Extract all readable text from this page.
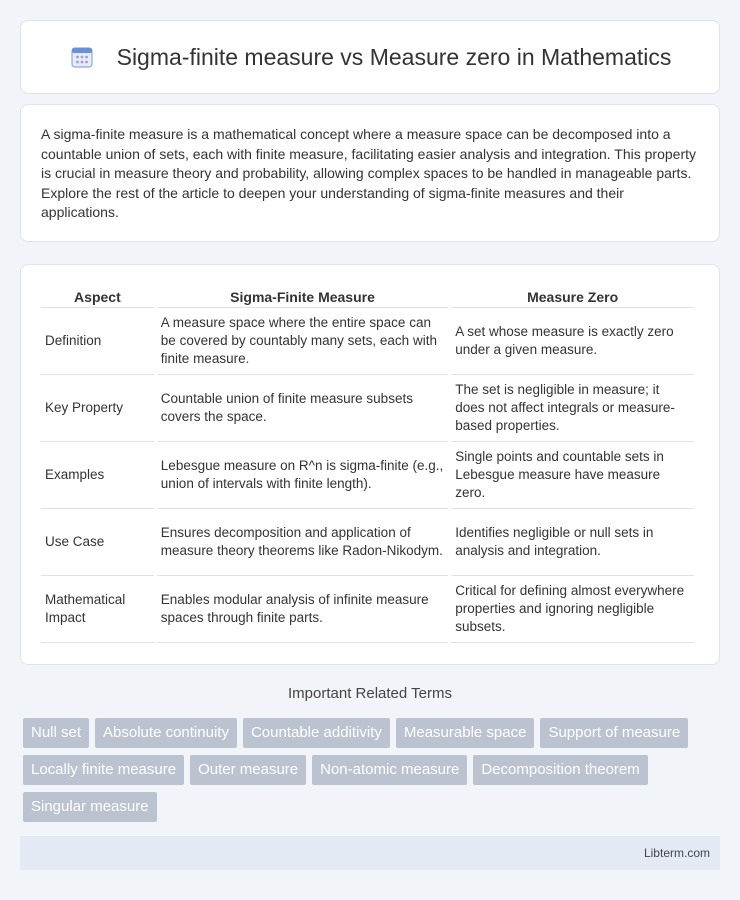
Sigma-finite measure vs Measure zero in Mathematics

A sigma-finite measure is a mathematical concept where a measure space can be decomposed into a countable union of sets, each with finite measure, facilitating easier analysis and integration. This property is crucial in measure theory and probability, allowing complex spaces to be handled in manageable parts. Explore the rest of the article to deepen your understanding of sigma-finite measures and their applications.

Aspect	Sigma-Finite Measure	Measure Zero
Definition	A measure space where the entire space can be covered by countably many sets, each with finite measure.	A set whose measure is exactly zero under a given measure.
Key Property	Countable union of finite measure subsets covers the space.	The set is negligible in measure; it does not affect integrals or measure-based properties.
Examples	Lebesgue measure on R^n is sigma-finite (e.g., union of intervals with finite length).	Single points and countable sets in Lebesgue measure have measure zero.
Use Case	Ensures decomposition and application of measure theory theorems like Radon-Nikodym.	Identifies negligible or null sets in analysis and integration.
Mathematical Impact	Enables modular analysis of infinite measure spaces through finite parts.	Critical for defining almost everywhere properties and ignoring negligible subsets.
Important Related Terms
Null set	Absolute continuity	Countable additivity	Measurable space	Support of measure
Locally finite measure	Outer measure	Non-atomic measure	Decomposition theorem
Singular measure
Libterm.com
